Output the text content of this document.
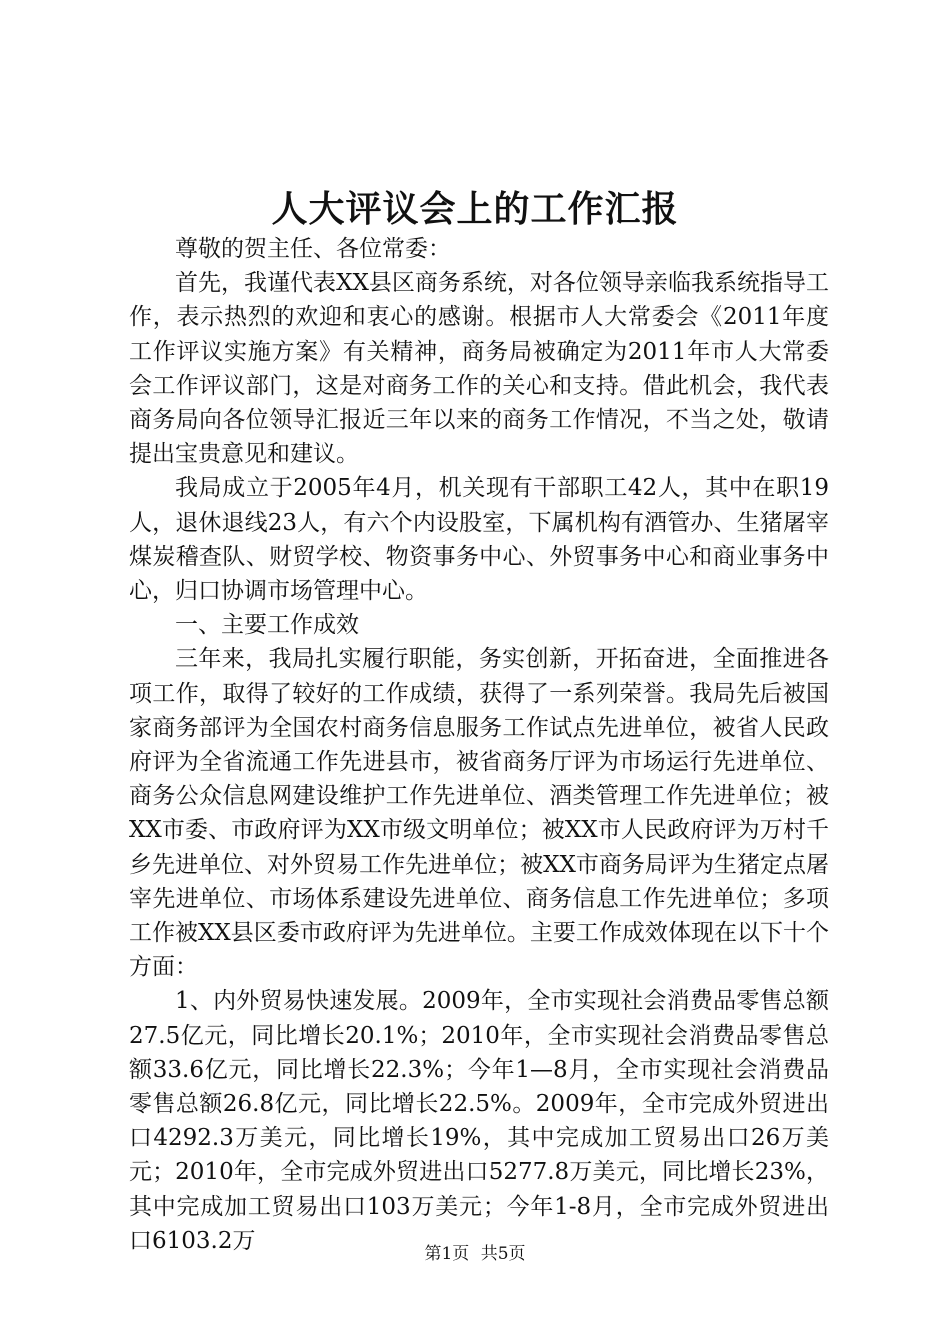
人大评议会上的工作汇报

尊敬的贺主任、各位常委：

首先，我谨代表XX县区商务系统，对各位领导亲临我系统指导工作，表示热烈的欢迎和衷心的感谢。根据市人大常委会《2011年度工作评议实施方案》有关精神，商务局被确定为2011年市人大常委会工作评议部门，这是对商务工作的关心和支持。借此机会，我代表商务局向各位领导汇报近三年以来的商务工作情况，不当之处，敬请提出宝贵意见和建议。

我局成立于2005年4月，机关现有干部职工42人，其中在职19人，退休退线23人，有六个内设股室，下属机构有酒管办、生猪屠宰煤炭稽查队、财贸学校、物资事务中心、外贸事务中心和商业事务中心，归口协调市场管理中心。

一、主要工作成效

三年来，我局扎实履行职能，务实创新，开拓奋进，全面推进各项工作，取得了较好的工作成绩，获得了一系列荣誉。我局先后被国家商务部评为全国农村商务信息服务工作试点先进单位，被省人民政府评为全省流通工作先进县市，被省商务厅评为市场运行先进单位、商务公众信息网建设维护工作先进单位、酒类管理工作先进单位；被XX市委、市政府评为XX市级文明单位；被XX市人民政府评为万村千乡先进单位、对外贸易工作先进单位；被XX市商务局评为生猪定点屠宰先进单位、市场体系建设先进单位、商务信息工作先进单位；多项工作被XX县区委市政府评为先进单位。主要工作成效体现在以下十个方面：

1、内外贸易快速发展。2009年，全市实现社会消费品零售总额27.5亿元，同比增长20.1%；2010年，全市实现社会消费品零售总额33.6亿元，同比增长22.3%；今年1—8月，全市实现社会消费品零售总额26.8亿元，同比增长22.5%。2009年，全市完成外贸进出口4292.3万美元，同比增长19%，其中完成加工贸易出口26万美元；2010年，全市完成外贸进出口5277.8万美元，同比增长23%，其中完成加工贸易出口103万美元；今年1-8月，全市完成外贸进出口6103.2万

第1页 共5页
